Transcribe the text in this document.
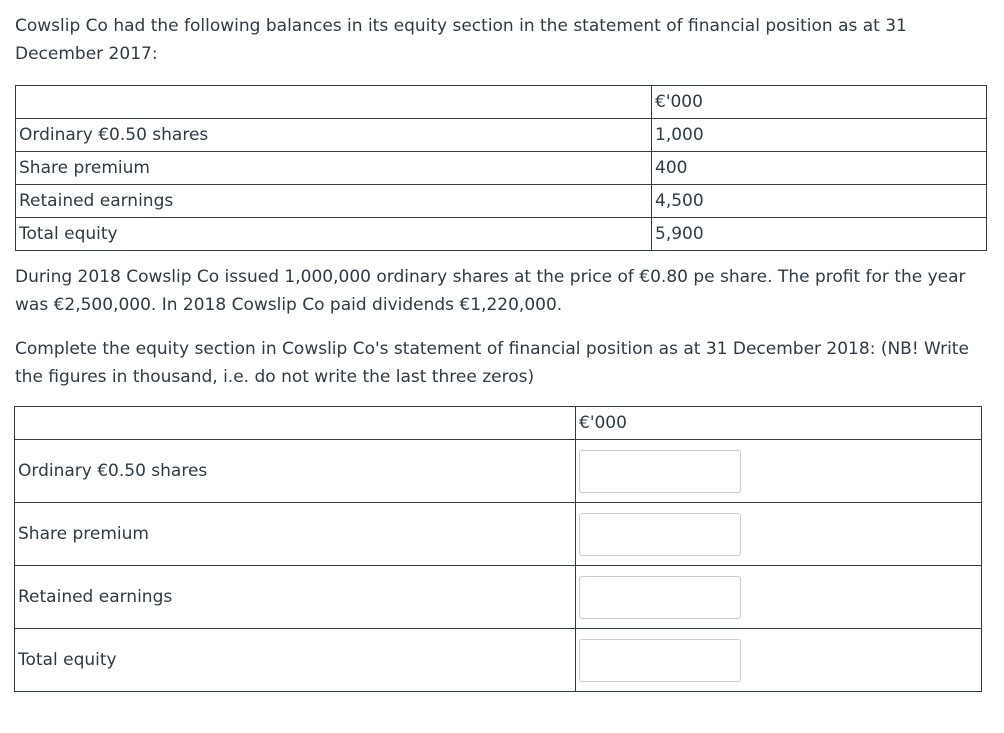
Cowslip Co had the following balances in its equity section in the statement of financial position as at 31 December 2017:

	€'000
Ordinary €0.50 shares	1,000
Share premium	400
Retained earnings	4,500
Total equity	5,900

During 2018 Cowslip Co issued 1,000,000 ordinary shares at the price of €0.80 pe share. The profit for the year was €2,500,000. In 2018 Cowslip Co paid dividends €1,220,000.

Complete the equity section in Cowslip Co's statement of financial position as at 31 December 2018: (NB! Write the figures in thousand, i.e. do not write the last three zeros)

	€'000
Ordinary €0.50 shares	

Share premium	

Retained earnings	

Total equity	
